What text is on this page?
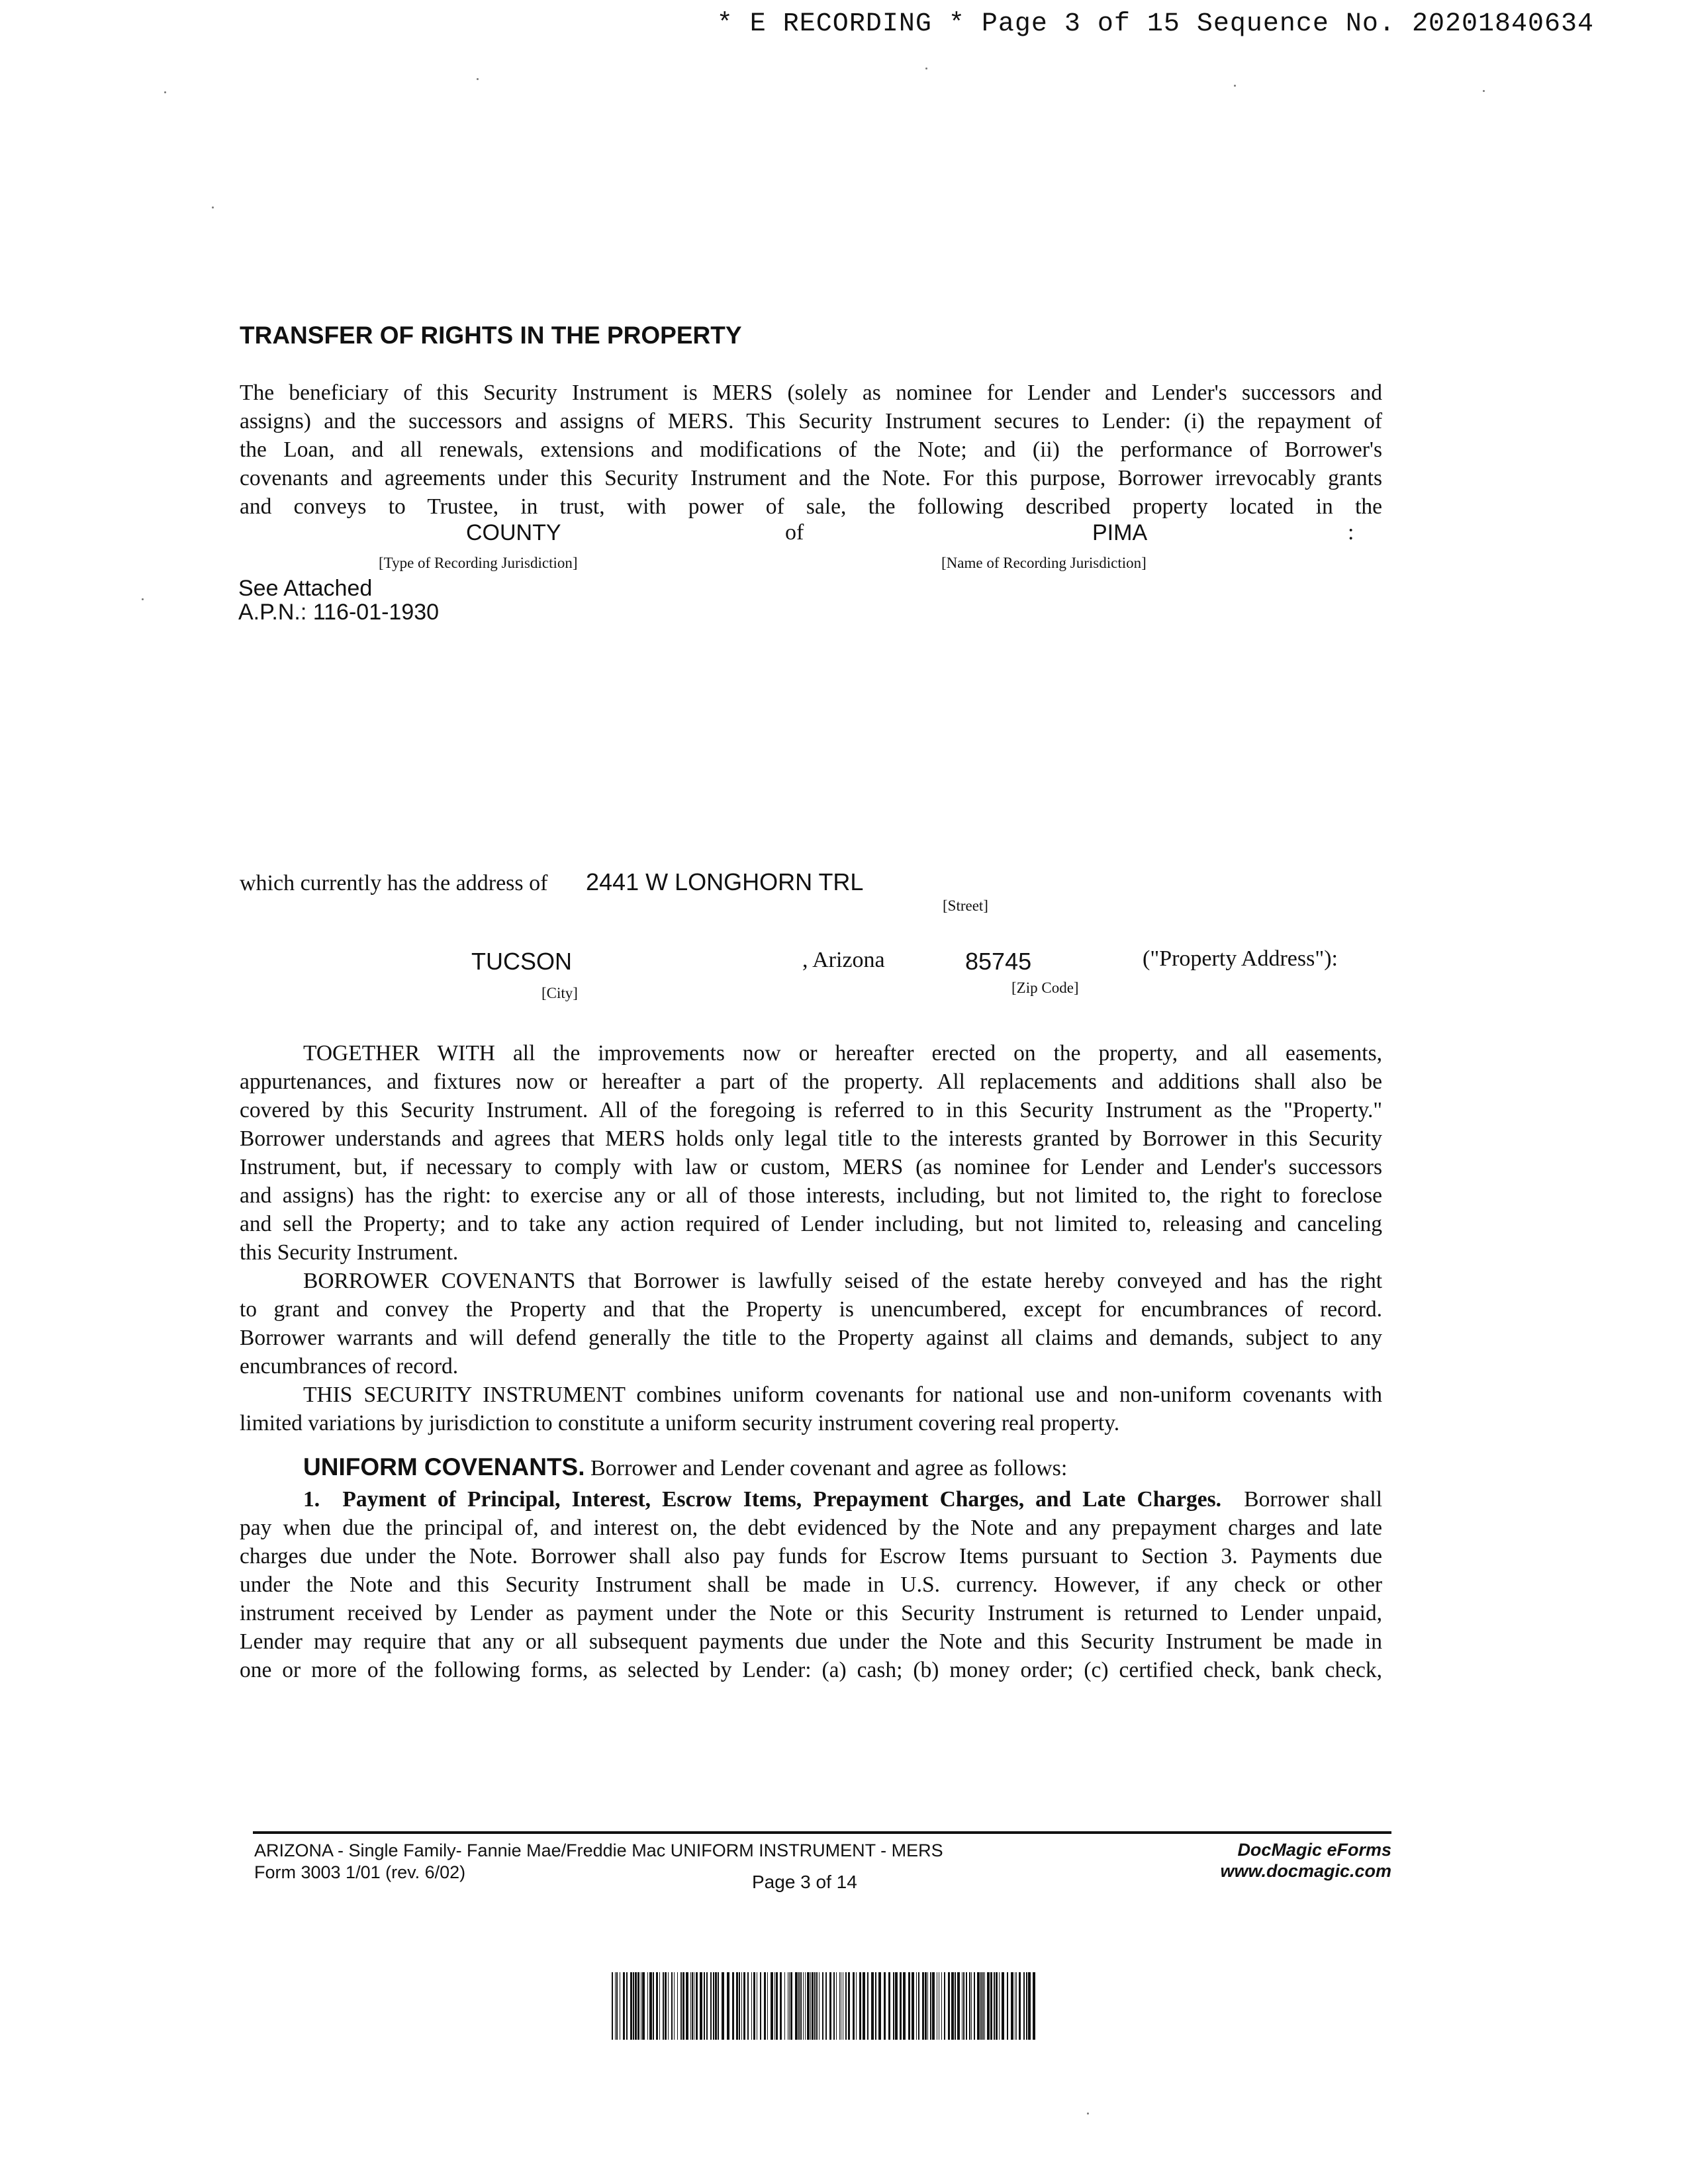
* E RECORDING * Page 3 of 15 Sequence No. 20201840634
TRANSFER OF RIGHTS IN THE PROPERTY
The beneficiary of this Security Instrument is MERS (solely as nominee for Lender and Lender's successors and
assigns) and the successors and assigns of MERS. This Security Instrument secures to Lender: (i) the repayment of
the Loan, and all renewals, extensions and modifications of the Note; and (ii) the performance of Borrower's
covenants and agreements under this Security Instrument and the Note. For this purpose, Borrower irrevocably grants
and conveys to Trustee, in trust, with power of sale, the following described property located in the
COUNTY	of	PIMA	:
[Type of Recording Jurisdiction]	[Name of Recording Jurisdiction]
See Attached
A.P.N.: 116-01-1930
which currently has the address of 2441 W LONGHORN TRL
[Street]
TUCSON	, Arizona	85745	("Property Address"):
[City]	[Zip Code]
TOGETHER WITH all the improvements now or hereafter erected on the property, and all easements,
appurtenances, and fixtures now or hereafter a part of the property. All replacements and additions shall also be
covered by this Security Instrument. All of the foregoing is referred to in this Security Instrument as the "Property."
Borrower understands and agrees that MERS holds only legal title to the interests granted by Borrower in this Security
Instrument, but, if necessary to comply with law or custom, MERS (as nominee for Lender and Lender's successors
and assigns) has the right: to exercise any or all of those interests, including, but not limited to, the right to foreclose
and sell the Property; and to take any action required of Lender including, but not limited to, releasing and canceling
this Security Instrument.
BORROWER COVENANTS that Borrower is lawfully seised of the estate hereby conveyed and has the right
to grant and convey the Property and that the Property is unencumbered, except for encumbrances of record.
Borrower warrants and will defend generally the title to the Property against all claims and demands, subject to any
encumbrances of record.
THIS SECURITY INSTRUMENT combines uniform covenants for national use and non-uniform covenants with
limited variations by jurisdiction to constitute a uniform security instrument covering real property.
UNIFORM COVENANTS. Borrower and Lender covenant and agree as follows:
1. Payment of Principal, Interest, Escrow Items, Prepayment Charges, and Late Charges. Borrower shall
pay when due the principal of, and interest on, the debt evidenced by the Note and any prepayment charges and late
charges due under the Note. Borrower shall also pay funds for Escrow Items pursuant to Section 3. Payments due
under the Note and this Security Instrument shall be made in U.S. currency. However, if any check or other
instrument received by Lender as payment under the Note or this Security Instrument is returned to Lender unpaid,
Lender may require that any or all subsequent payments due under the Note and this Security Instrument be made in
one or more of the following forms, as selected by Lender: (a) cash; (b) money order; (c) certified check, bank check,
ARIZONA - Single Family- Fannie Mae/Freddie Mac UNIFORM INSTRUMENT - MERS
Form 3003 1/01 (rev. 6/02)	Page 3 of 14
DocMagic eForms
www.docmagic.com
